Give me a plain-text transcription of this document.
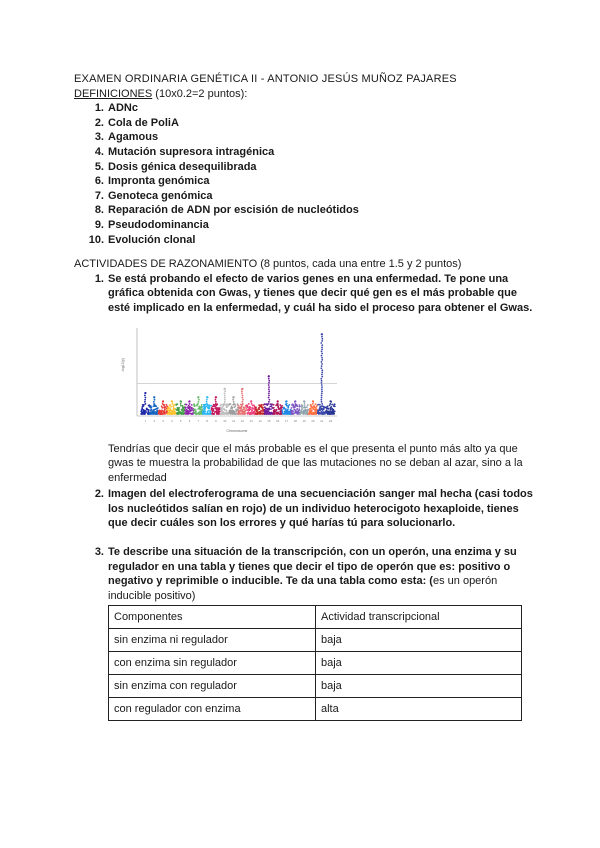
EXAMEN ORDINARIA GENÉTICA II - ANTONIO JESÚS MUÑOZ PAJARES
DEFINICIONES (10x0.2=2 puntos):
1. ADNc
2. Cola de PoliA
3. Agamous
4. Mutación supresora intragénica
5. Dosis génica desequilibrada
6. Impronta genómica
7. Genoteca genómica
8. Reparación de ADN por escisión de nucleótidos
9. Pseudodominancia
10. Evolución clonal
ACTIVIDADES DE RAZONAMIENTO (8 puntos, cada una entre 1.5 y 2 puntos)
1. Se está probando el efecto de varios genes en una enfermedad. Te pone una gráfica obtenida con Gwas, y tienes que decir qué gen es el más probable que esté implicado en la enfermedad, y cuál ha sido el proceso para obtener el Gwas.
-log10(p)
Chromosome
1	2	3	4	5	6	7	8	9 10 11 12 13 14 15 16 17 18 19 20 21 22
Tendrías que decir que el más probable es el que presenta el punto más alto ya que gwas te muestra la probabilidad de que las mutaciones no se deban al azar, sino a la enfermedad
2. Imagen del electroferograma de una secuenciación sanger mal hecha (casi todos los nucleótidos salían en rojo) de un individuo heterocigoto hexaploide, tienes que decir cuáles son los errores y qué harías tú para solucionarlo.
3. Te describe una situación de la transcripción, con un operón, una enzima y su regulador en una tabla y tienes que decir el tipo de operón que es: positivo o negativo y reprimible o inducible. Te da una tabla como esta: (es un operón inducible positivo)
Componentes	Actividad transcripcional
sin enzima ni regulador	baja
con enzima sin regulador	baja
sin enzima con regulador	baja
con regulador con enzima	alta
